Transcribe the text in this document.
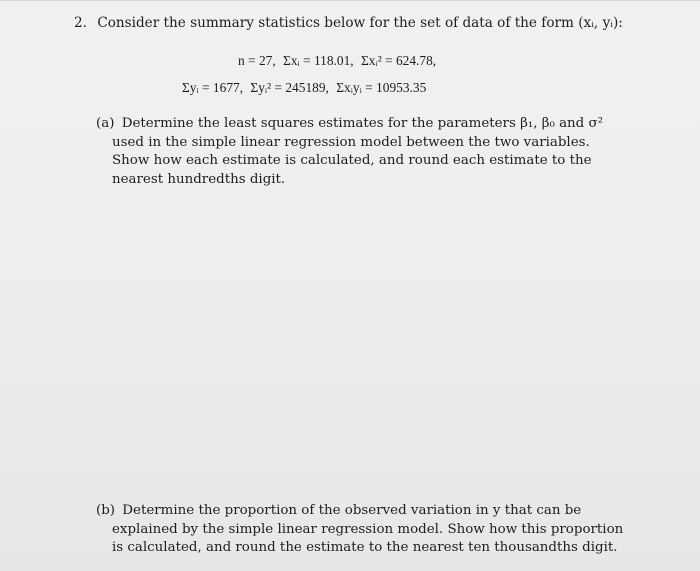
2. Consider the summary statistics below for the set of data of the form (xᵢ, yᵢ):
n = 27, Σxᵢ = 118.01, Σxᵢ² = 624.78,
Σyᵢ = 1677, Σyᵢ² = 245189, Σxᵢyᵢ = 10953.35
(a) Determine the least squares estimates for the parameters β₁, β₀ and σ² used in the simple linear regression model between the two variables. Show how each estimate is calculated, and round each estimate to the nearest hundredths digit.
(b) Determine the proportion of the observed variation in y that can be explained by the simple linear regression model. Show how this proportion is calculated, and round the estimate to the nearest ten thousandths digit.
